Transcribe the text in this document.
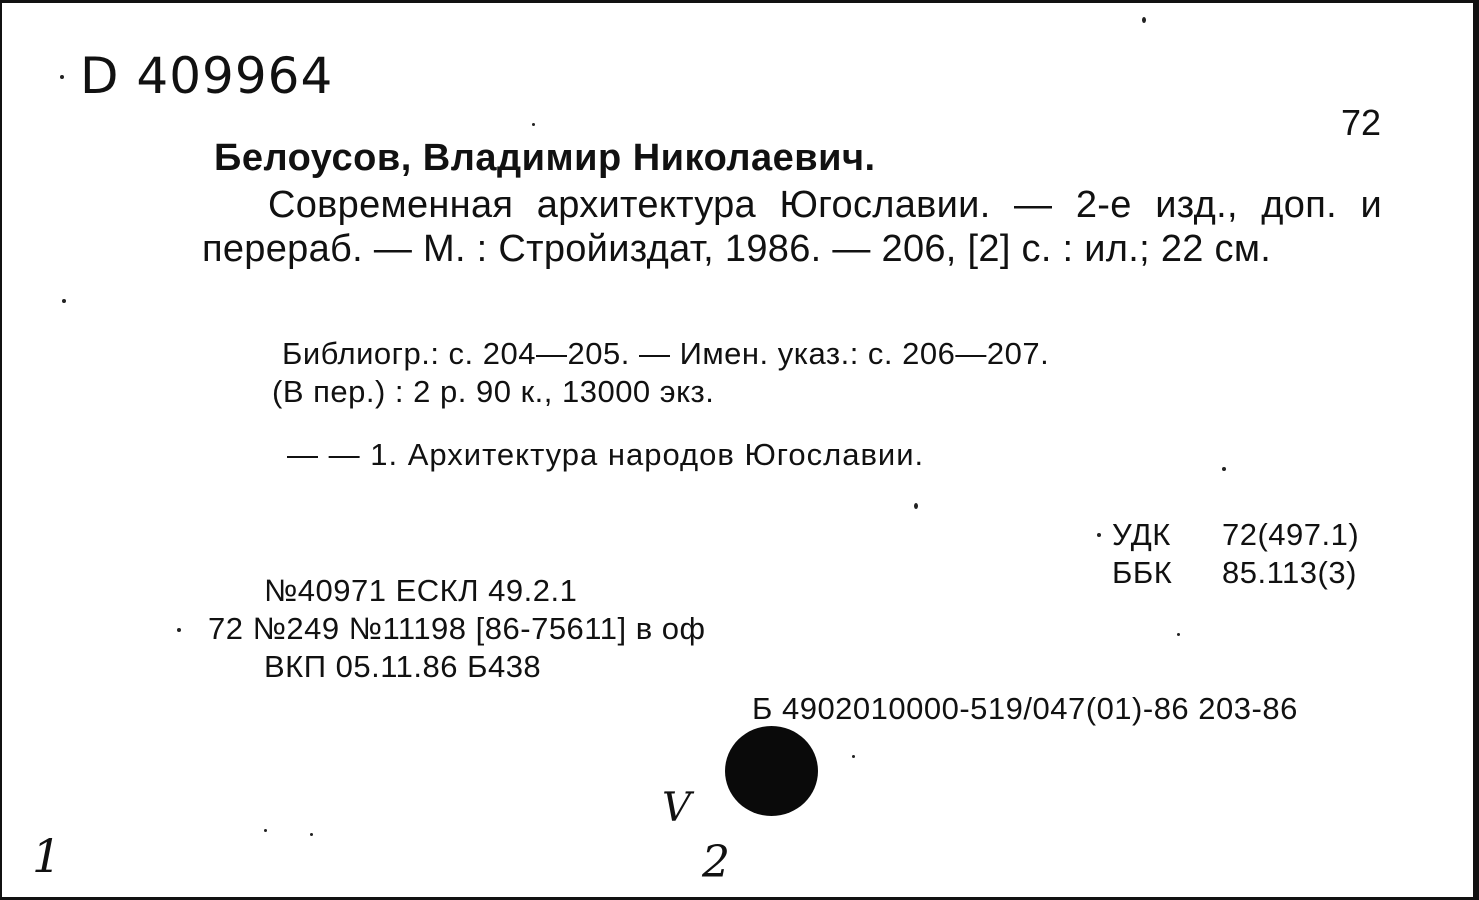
D 409964
72
Белоусов, Владимир Николаевич.
Современная архитектура Югославии. — 2-е изд., доп. и перераб. — М. : Стройиздат, 1986. — 206, [2] с. : ил.; 22 см.
Библиогр.: с. 204—205. — Имен. указ.: с. 206—207.
(В пер.) : 2 р. 90 к., 13000 экз.
— — 1. Архитектура народов Югославии.
УДК	72(497.1)
ББК	85.113(3)
№40971 ЕСКЛ 49.2.1
72 №249 №11198 [86-75611] в оф
ВКП 05.11.86 Б438
Б 4902010000-519/047(01)-86 203-86
V
1	2
